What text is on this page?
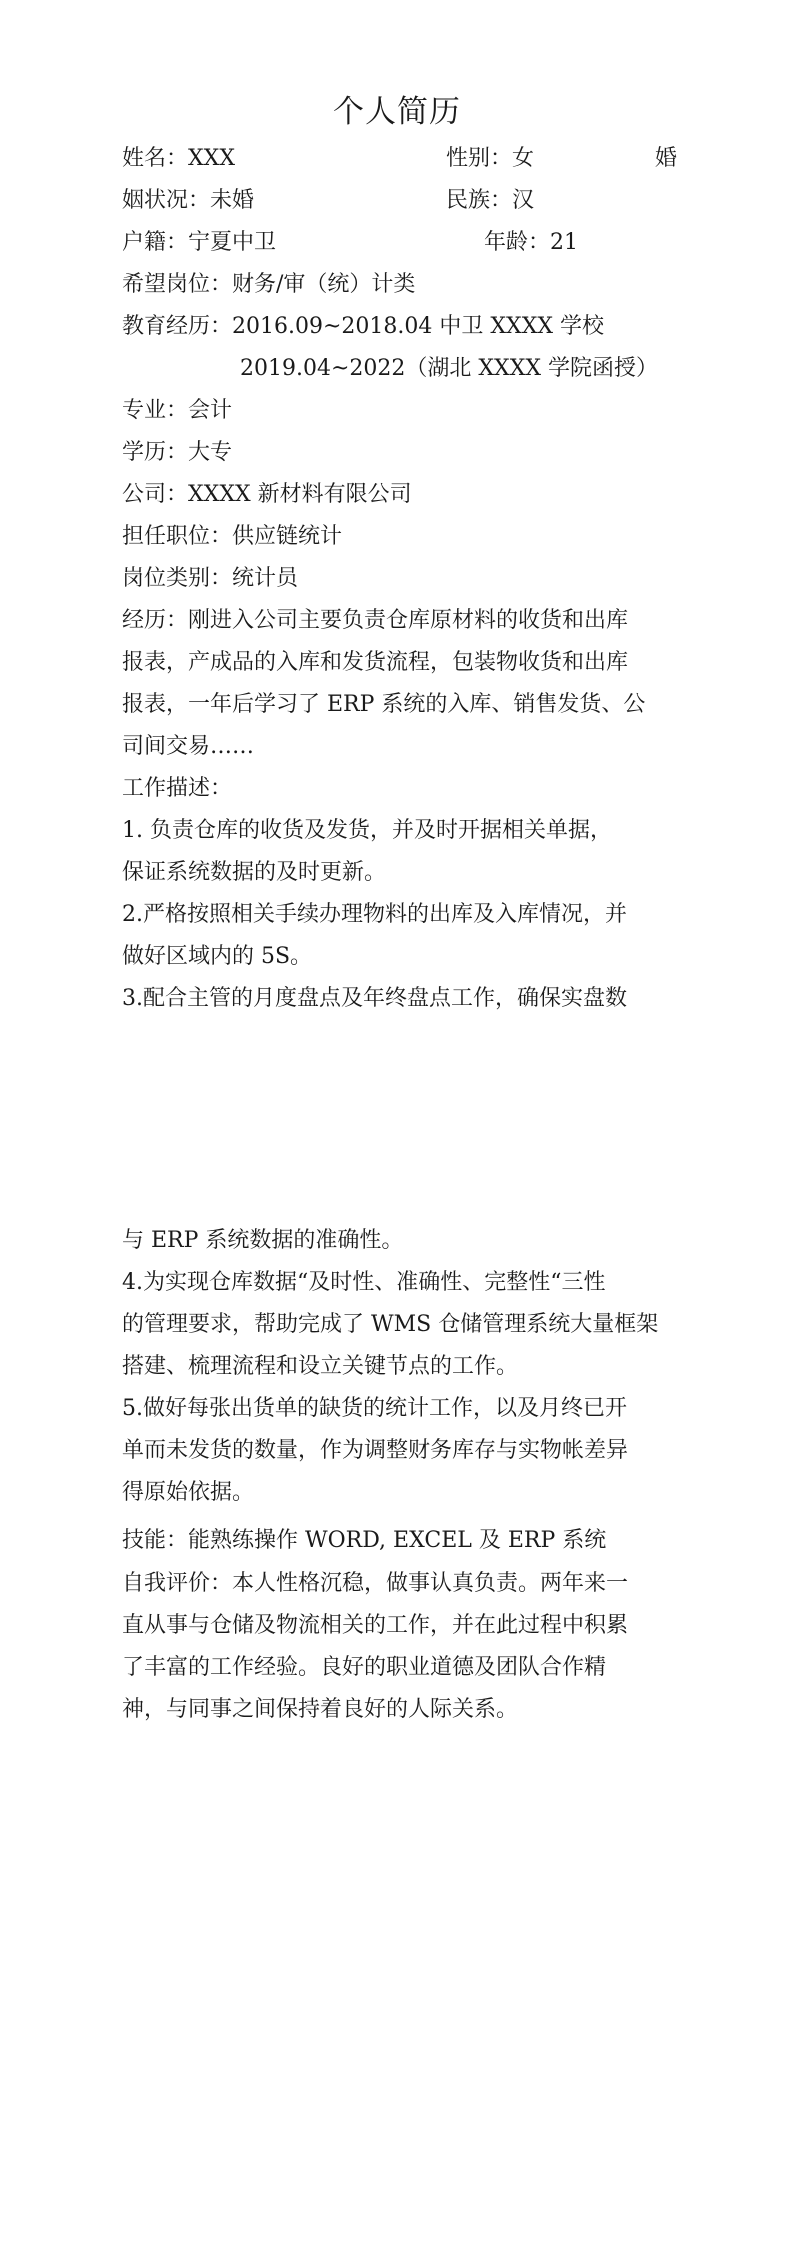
个人简历
姓名：XXX	性别：女	婚
姻状况：未婚	民族：汉
户籍：宁夏中卫	年龄：21
希望岗位：财务/审（统）计类
教育经历：2016.09~2018.04 中卫 XXXX 学校
2019.04~2022（湖北 XXXX 学院函授）
专业：会计
学历：大专
公司：XXXX 新材料有限公司
担任职位：供应链统计
岗位类别：统计员
经历：刚进入公司主要负责仓库原材料的收货和出库
报表，产成品的入库和发货流程，包装物收货和出库
报表，一年后学习了 ERP 系统的入库、销售发货、公
司间交易……
工作描述：
1. 负责仓库的收货及发货，并及时开据相关单据，
保证系统数据的及时更新。
2.严格按照相关手续办理物料的出库及入库情况，并
做好区域内的 5S。
3.配合主管的月度盘点及年终盘点工作，确保实盘数
与 ERP 系统数据的准确性。
4.为实现仓库数据“及时性、准确性、完整性“三性
的管理要求，帮助完成了 WMS 仓储管理系统大量框架
搭建、梳理流程和设立关键节点的工作。
5.做好每张出货单的缺货的统计工作，以及月终已开
单而未发货的数量，作为调整财务库存与实物帐差异
得原始依据。
技能：能熟练操作 WORD, EXCEL 及 ERP 系统
自我评价：本人性格沉稳，做事认真负责。两年来一
直从事与仓储及物流相关的工作，并在此过程中积累
了丰富的工作经验。良好的职业道德及团队合作精
神，与同事之间保持着良好的人际关系。
